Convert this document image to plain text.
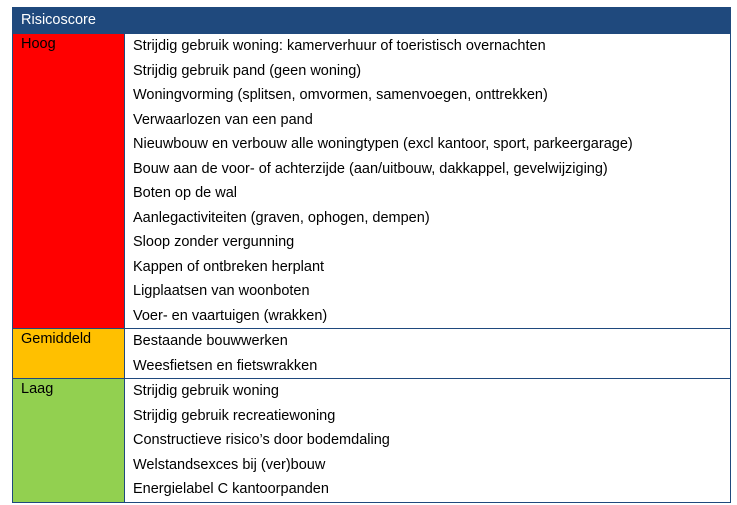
Risicoscore
Hoog	Strijdig gebruik woning: kamerverhuur of toeristisch overnachten
Strijdig gebruik pand (geen woning)
Woningvorming (splitsen, omvormen, samenvoegen, onttrekken)
Verwaarlozen van een pand
Nieuwbouw en verbouw alle woningtypen (excl kantoor, sport, parkeergarage)
Bouw aan de voor- of achterzijde (aan/uitbouw, dakkappel, gevelwijziging)
Boten op de wal
Aanlegactiviteiten (graven, ophogen, dempen)
Sloop zonder vergunning
Kappen of ontbreken herplant
Ligplaatsen van woonboten
Voer- en vaartuigen (wrakken)
Gemiddeld	Bestaande bouwwerken
Weesfietsen en fietswrakken
Laag	Strijdig gebruik woning
Strijdig gebruik recreatiewoning
Constructieve risico’s door bodemdaling
Welstandsexces bij (ver)bouw
Energielabel C kantoorpanden
